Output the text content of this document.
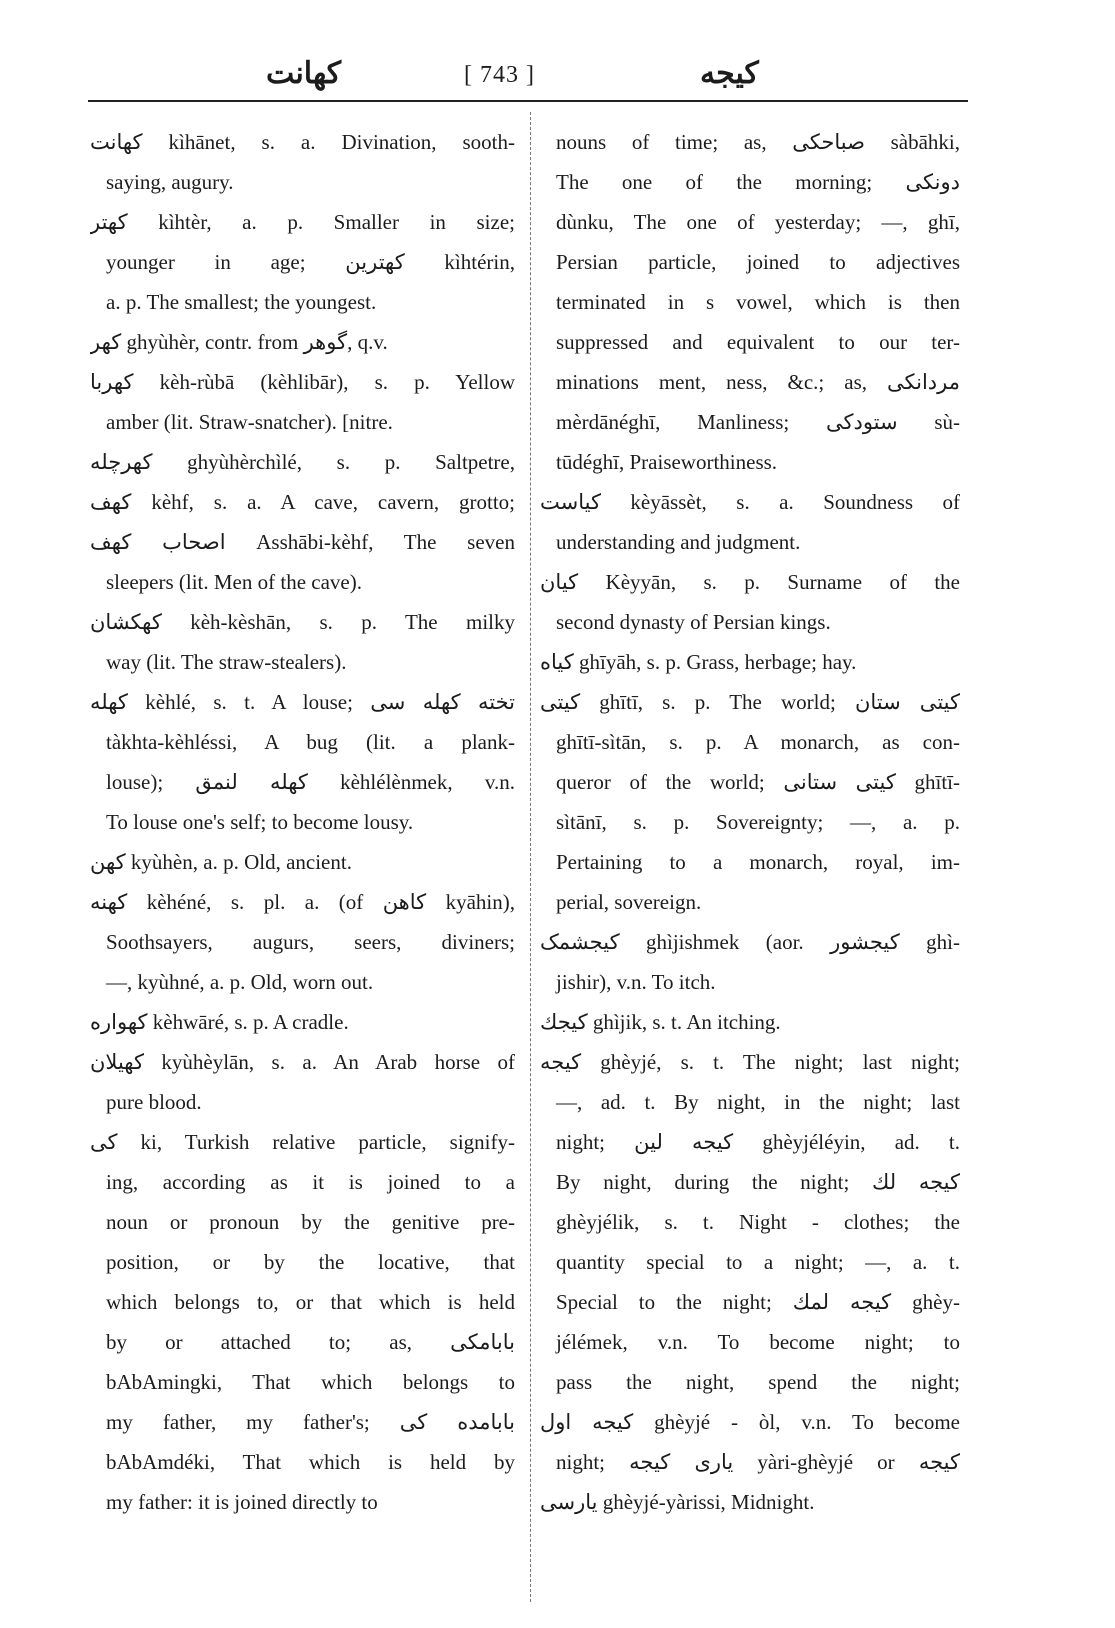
کهانت	[ 743 ]	کیجه
کهانت kìhānet, s. a. Divination, sooth-
saying, augury.
کهتر kìhtèr, a. p. Smaller in size;
younger in age; کهترین kìhtérin,
a. p. The smallest; the youngest.
کهر ghyùhèr, contr. from گوهر, q.v.
کهربا kèh-rùbā (kèhlibār), s. p. Yellow
amber (lit. Straw-snatcher). [nitre.
کهرچله ghyùhèrchìlé, s. p. Saltpetre,
کهف kèhf, s. a. A cave, cavern, grotto;
اصحاب کهف Asshābi-kèhf, The seven
sleepers (lit. Men of the cave).
کهکشان kèh-kèshān, s. p. The milky
way (lit. The straw-stealers).
کهله kèhlé, s. t. A louse; تخته کهله سی
tàkhta-kèhléssi, A bug (lit. a plank-
louse); کهله لنمق kèhlélènmek, v.n.
To louse one's self; to become lousy.
کهن kyùhèn, a. p. Old, ancient.
کهنه kèhéné, s. pl. a. (of کاهن kyāhin),
Soothsayers, augurs, seers, diviners;
—, kyùhné, a. p. Old, worn out.
کهواره kèhwāré, s. p. A cradle.
کهیلان kyùhèylān, s. a. An Arab horse of
pure blood.
کی ki, Turkish relative particle, signify-
ing, according as it is joined to a
noun or pronoun by the genitive pre-
position, or by the locative, that
which belongs to, or that which is held
by or attached to; as, بابامکی
bAbAmingki, That which belongs to
my father, my father's; بابامده کی
bAbAmdéki, That which is held by
my father: it is joined directly to
nouns of time; as, صباحکی sàbāhki,
The one of the morning; دونکی
dùnku, The one of yesterday; —, ghī,
Persian particle, joined to adjectives
terminated in s vowel, which is then
suppressed and equivalent to our ter-
minations ment, ness, &c.; as, مردانکی
mèrdānéghī, Manliness; ستودکی sù-
tūdéghī, Praiseworthiness.
کیاست kèyāssèt, s. a. Soundness of
understanding and judgment.
کیان Kèyyān, s. p. Surname of the
second dynasty of Persian kings.
کیاه ghīyāh, s. p. Grass, herbage; hay.
کیتی ghītī, s. p. The world; کیتی ستان
ghītī-sìtān, s. p. A monarch, as con-
queror of the world; کیتی ستانی ghītī-
sìtānī, s. p. Sovereignty; —, a. p.
Pertaining to a monarch, royal, im-
perial, sovereign.
کیجشمک ghìjishmek (aor. کیجشور ghì-
jishir), v.n. To itch.
کیجك ghìjik, s. t. An itching.
کیجه ghèyjé, s. t. The night; last night;
—, ad. t. By night, in the night; last
night; کیجه لین ghèyjéléyin, ad. t.
By night, during the night; کیجه لك
ghèyjélik, s. t. Night - clothes; the
quantity special to a night; —, a. t.
Special to the night; کیجه لمك ghèy-
jélémek, v.n. To become night; to
pass the night, spend the night;
کیجه اول ghèyjé - òl, v.n. To become
night; یاری کیجه yàri-ghèyjé or کیجه
یارسی ghèyjé-yàrissi, Midnight.
